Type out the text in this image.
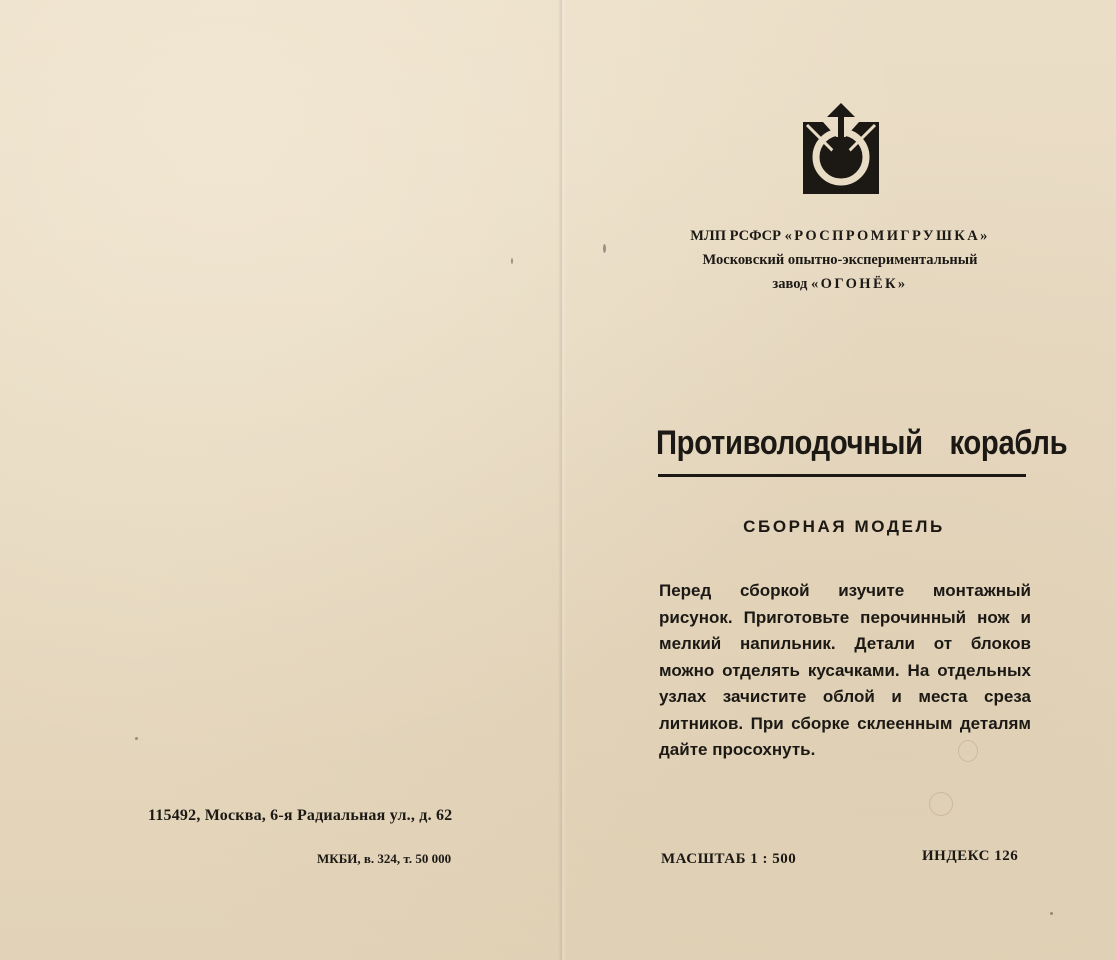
115492, Москва, 6-я Радиальная ул., д. 62
МКБИ, в. 324, т. 50 000
МЛП РСФСР «РОСПРОМИГРУШКА»
Московский опытно-экспериментальный
завод «ОГОНЁК»
Противолодочный корабль
СБОРНАЯ МОДЕЛЬ
Перед сборкой изучите монтажный рисунок. Приготовьте перочинный нож и мелкий напильник. Детали от блоков можно отделять кусачками. На отдельных узлах зачистите облой и места среза литников. При сборке склеенным деталям дайте просохнуть.
МАСШТАБ 1 : 500	ИНДЕКС 126
